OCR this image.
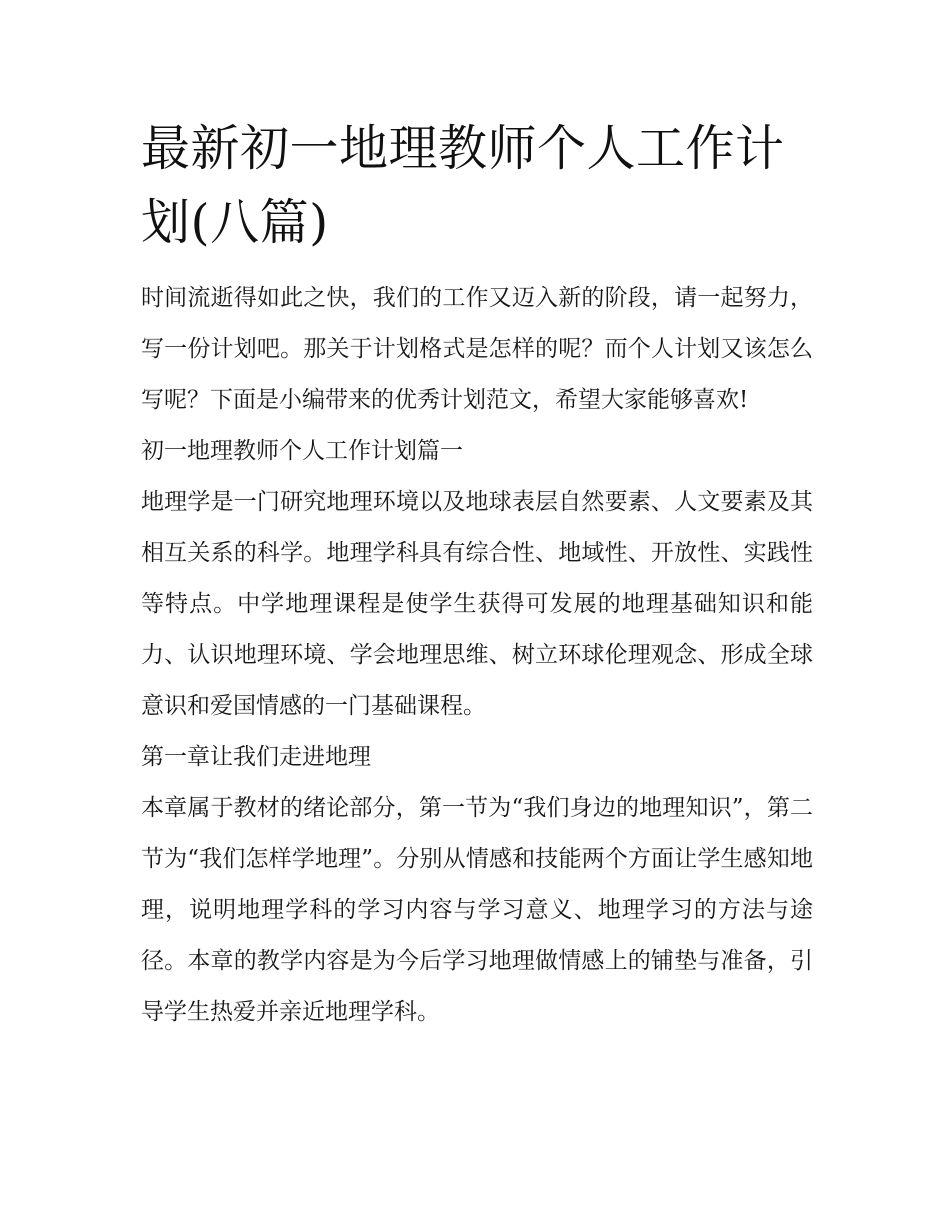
最新初一地理教师个人工作计划(八篇)

时间流逝得如此之快，我们的工作又迈入新的阶段，请一起努力，写一份计划吧。那关于计划格式是怎样的呢？而个人计划又该怎么写呢？下面是小编带来的优秀计划范文，希望大家能够喜欢!

初一地理教师个人工作计划篇一

地理学是一门研究地理环境以及地球表层自然要素、人文要素及其相互关系的科学。地理学科具有综合性、地域性、开放性、实践性等特点。中学地理课程是使学生获得可发展的地理基础知识和能力、认识地理环境、学会地理思维、树立环球伦理观念、形成全球意识和爱国情感的一门基础课程。

第一章让我们走进地理

本章属于教材的绪论部分，第一节为“我们身边的地理知识”，第二节为“我们怎样学地理”。分别从情感和技能两个方面让学生感知地理，说明地理学科的学习内容与学习意义、地理学习的方法与途径。本章的教学内容是为今后学习地理做情感上的铺垫与准备，引导学生热爱并亲近地理学科。
